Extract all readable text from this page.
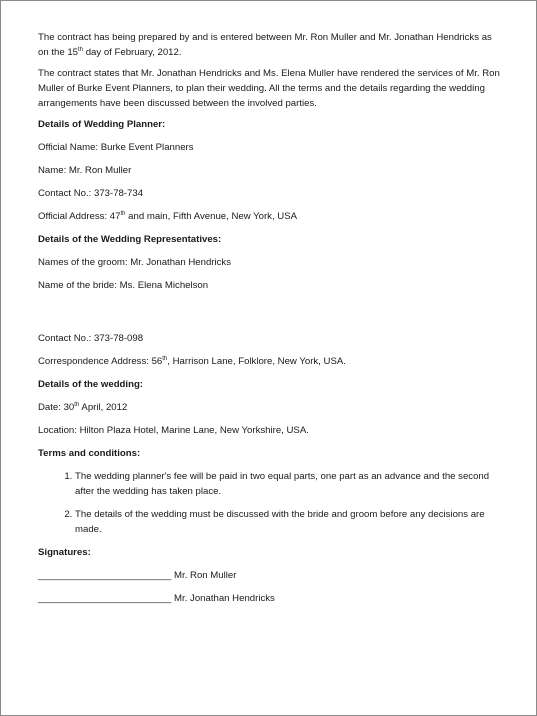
The contract has being prepared by and is entered between Mr. Ron Muller and Mr. Jonathan Hendricks as on the 15th day of February, 2012.

The contract states that Mr. Jonathan Hendricks and Ms. Elena Muller have rendered the services of Mr. Ron Muller of Burke Event Planners, to plan their wedding. All the terms and the details regarding the wedding arrangements have been discussed between the involved parties.

Details of Wedding Planner:

Official Name: Burke Event Planners

Name: Mr. Ron Muller

Contact No.: 373-78-734

Official Address: 47th and main, Fifth Avenue, New York, USA

Details of the Wedding Representatives:

Names of the groom: Mr. Jonathan Hendricks

Name of the bride: Ms. Elena Michelson

Contact No.: 373-78-098

Correspondence Address: 56th, Harrison Lane, Folklore, New York, USA.

Details of the wedding:

Date: 30th April, 2012

Location: Hilton Plaza Hotel, Marine Lane, New Yorkshire, USA.

Terms and conditions:

1. The wedding planner's fee will be paid in two equal parts, one part as an advance and the second after the wedding has taken place.
2. The details of the wedding must be discussed with the bride and groom before any decisions are made.

Signatures:

_________________________ Mr. Ron Muller

_________________________ Mr. Jonathan Hendricks
